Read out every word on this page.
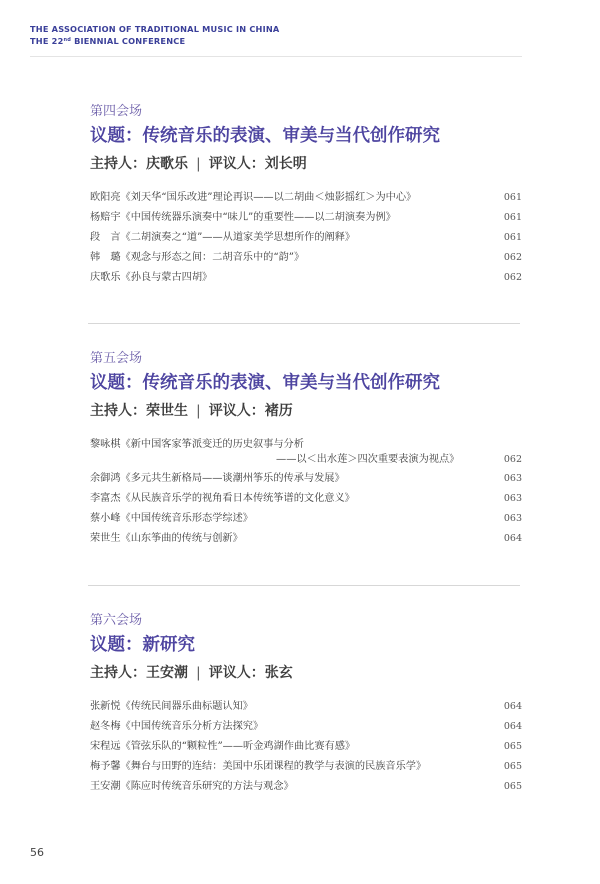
THE ASSOCIATION OF TRADITIONAL MUSIC IN CHINA
THE 22nd BIENNIAL CONFERENCE
第四会场
议题：传统音乐的表演、审美与当代创作研究
主持人：庆歌乐 | 评议人：刘长明
欧阳亮《刘天华“国乐改进”理论再识——以二胡曲＜烛影摇红＞为中心》	061
杨赔宇《中国传统器乐演奏中“味儿”的重要性——以二胡演奏为例》	061
段　言《二胡演奏之“道”——从道家美学思想所作的阐释》	061
韩　璐《观念与形态之间：二胡音乐中的“韵”》	062
庆歌乐《孙良与蒙古四胡》	062
第五会场
议题：传统音乐的表演、审美与当代创作研究
主持人：荣世生 | 评议人：褚历
黎咏棋《新中国客家筝派变迁的历史叙事与分析
——以＜出水莲＞四次重要表演为视点》	062
余御鸿《多元共生新格局——谈潮州筝乐的传承与发展》	063
李富杰《从民族音乐学的视角看日本传统筝谱的文化意义》	063
蔡小峰《中国传统音乐形态学综述》	063
荣世生《山东筝曲的传统与创新》	064
第六会场
议题：新研究
主持人：王安潮 | 评议人：张玄
张新悦《传统民间器乐曲标题认知》	064
赵冬梅《中国传统音乐分析方法探究》	064
宋程远《管弦乐队的“颗粒性”——听金鸡湖作曲比赛有感》	065
梅予馨《舞台与田野的连结：美国中乐团课程的教学与表演的民族音乐学》	065
王安潮《陈应时传统音乐研究的方法与观念》	065
56
